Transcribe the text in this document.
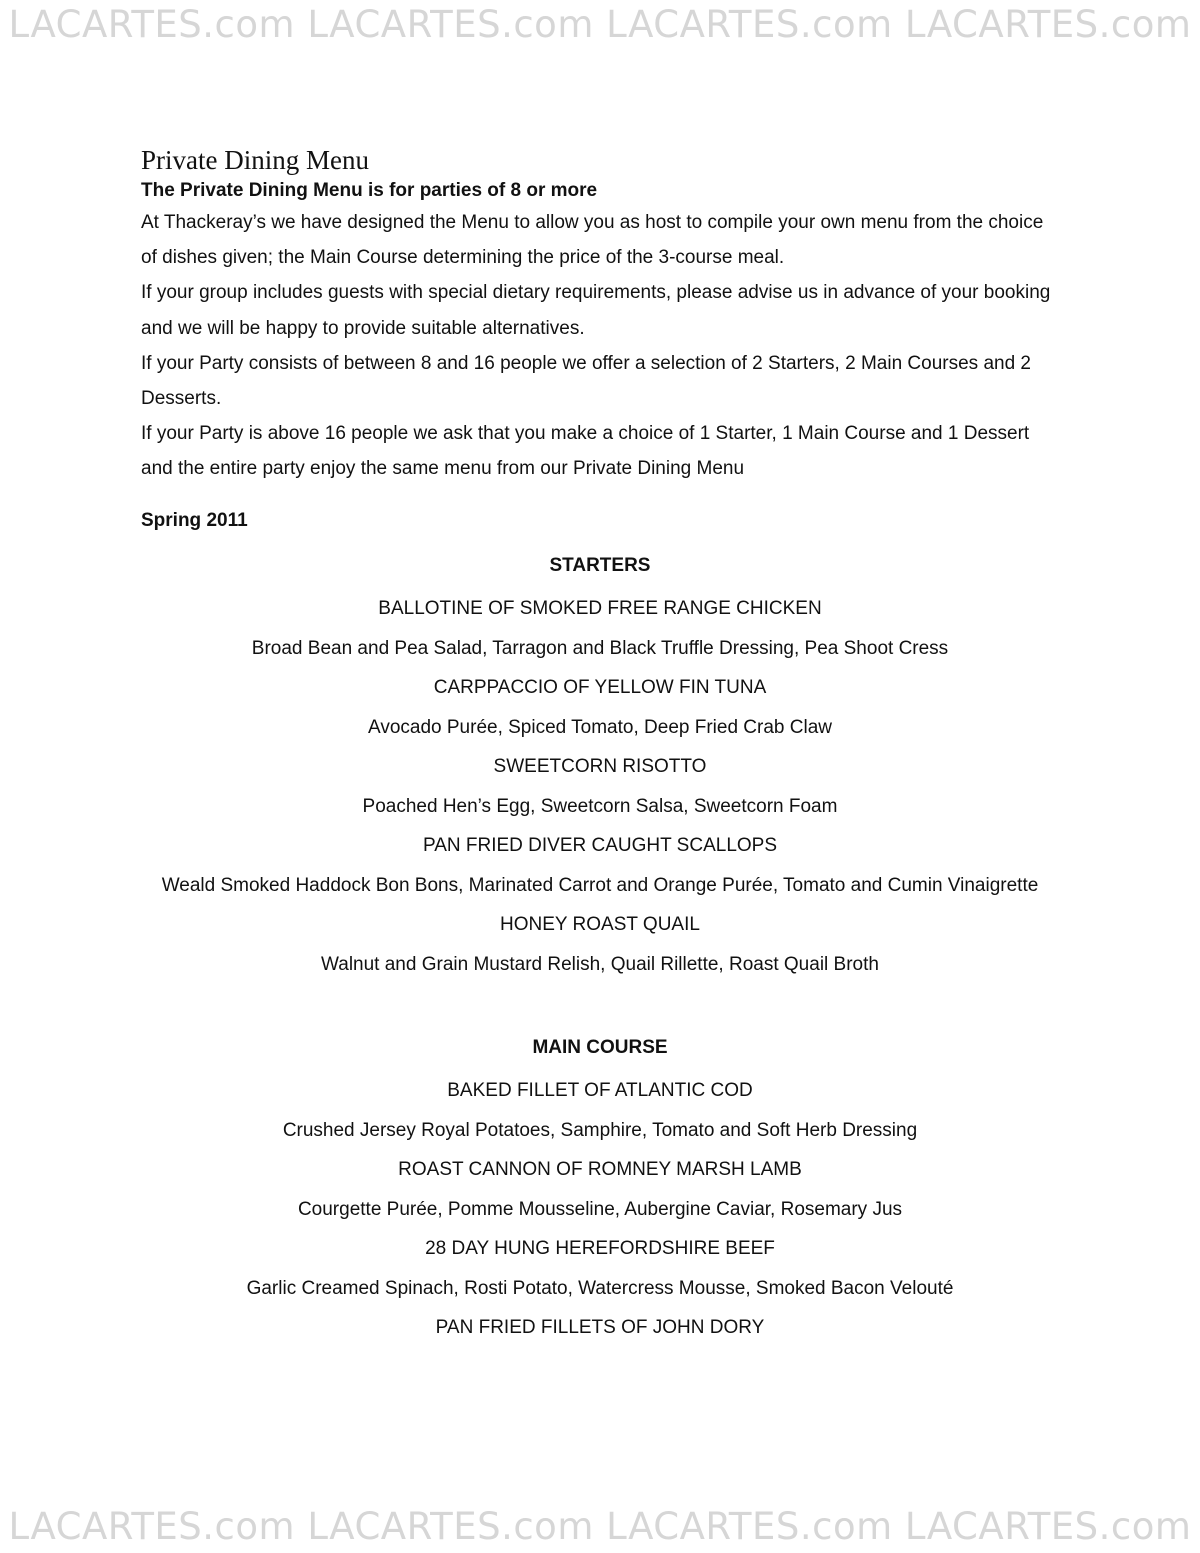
LACARTES.com LACARTES.com LACARTES.com LACARTES.com
Private Dining Menu

The Private Dining Menu is for parties of 8 or more

At Thackeray’s we have designed the Menu to allow you as host to compile your own menu from the choice of dishes given; the Main Course determining the price of the 3-course meal.

If your group includes guests with special dietary requirements, please advise us in advance of your booking and we will be happy to provide suitable alternatives.

If your Party consists of between 8 and 16 people we offer a selection of 2 Starters, 2 Main Courses and 2 Desserts.

If your Party is above 16 people we ask that you make a choice of 1 Starter, 1 Main Course and 1 Dessert and the entire party enjoy the same menu from our Private Dining Menu

Spring 2011
STARTERS
BALLOTINE OF SMOKED FREE RANGE CHICKEN
Broad Bean and Pea Salad, Tarragon and Black Truffle Dressing, Pea Shoot Cress
CARPPACCIO OF YELLOW FIN TUNA
Avocado Purée, Spiced Tomato, Deep Fried Crab Claw
SWEETCORN RISOTTO
Poached Hen’s Egg, Sweetcorn Salsa, Sweetcorn Foam
PAN FRIED DIVER CAUGHT SCALLOPS
Weald Smoked Haddock Bon Bons, Marinated Carrot and Orange Purée, Tomato and Cumin Vinaigrette
HONEY ROAST QUAIL
Walnut and Grain Mustard Relish, Quail Rillette, Roast Quail Broth
MAIN COURSE
BAKED FILLET OF ATLANTIC COD
Crushed Jersey Royal Potatoes, Samphire, Tomato and Soft Herb Dressing
ROAST CANNON OF ROMNEY MARSH LAMB
Courgette Purée, Pomme Mousseline, Aubergine Caviar, Rosemary Jus
28 DAY HUNG HEREFORDSHIRE BEEF
Garlic Creamed Spinach, Rosti Potato, Watercress Mousse, Smoked Bacon Velouté
PAN FRIED FILLETS OF JOHN DORY
LACARTES.com LACARTES.com LACARTES.com LACARTES.com
